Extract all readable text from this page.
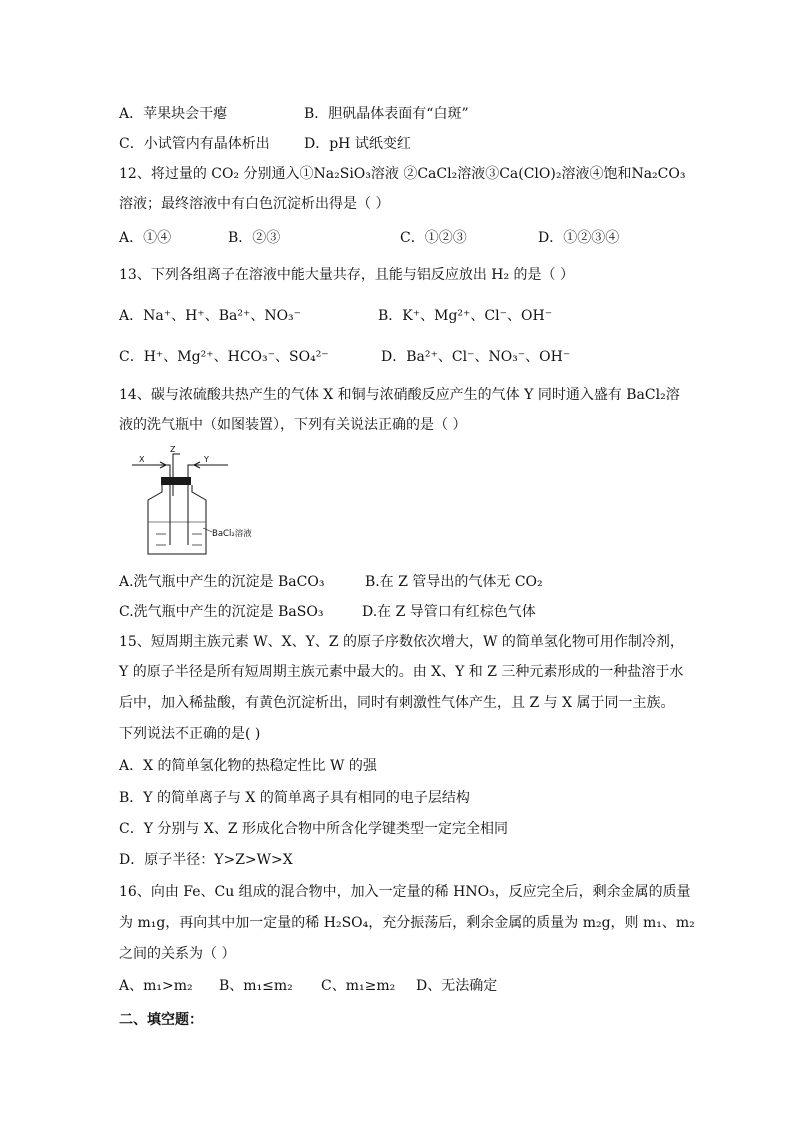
A．苹果块会干瘪	B．胆矾晶体表面有“白斑”
C．小试管内有晶体析出 D．pH 试纸变红
12、将过量的 CO₂ 分别通入①Na₂SiO₃溶液 ②CaCl₂溶液③Ca(ClO)₂溶液④饱和Na₂CO₃
溶液；最终溶液中有白色沉淀析出得是（ ）
A．①④	B．②③	C．①②③	D．①②③④
13、下列各组离子在溶液中能大量共存，且能与铝反应放出 H₂ 的是（ ）
A．Na⁺、H⁺、Ba²⁺、NO₃⁻	B．K⁺、Mg²⁺、Cl⁻、OH⁻
C．H⁺、Mg²⁺、HCO₃⁻、SO₄²⁻	D．Ba²⁺、Cl⁻、NO₃⁻、OH⁻
14、碳与浓硫酸共热产生的气体 X 和铜与浓硝酸反应产生的气体 Y 同时通入盛有 BaCl₂溶
液的洗气瓶中（如图装置），下列有关说法正确的是（ ）
X	Y
Z
BaCl₂溶液
A.洗气瓶中产生的沉淀是 BaCO₃	B.在 Z 管导出的气体无 CO₂
C.洗气瓶中产生的沉淀是 BaSO₃	D.在 Z 导管口有红棕色气体
15、短周期主族元素 W、X、Y、Z 的原子序数依次增大，W 的简单氢化物可用作制冷剂，
Y 的原子半径是所有短周期主族元素中最大的。由 X、Y 和 Z 三种元素形成的一种盐溶于水
后中，加入稀盐酸，有黄色沉淀析出，同时有刺激性气体产生，且 Z 与 X 属于同一主族。
下列说法不正确的是( )
A．X 的简单氢化物的热稳定性比 W 的强
B．Y 的简单离子与 X 的简单离子具有相同的电子层结构
C．Y 分别与 X、Z 形成化合物中所含化学键类型一定完全相同
D．原子半径：Y>Z>W>X
16、向由 Fe、Cu 组成的混合物中，加入一定量的稀 HNO₃，反应完全后，剩余金属的质量
为 m₁g，再向其中加一定量的稀 H₂SO₄，充分振荡后，剩余金属的质量为 m₂g，则 m₁、m₂
之间的关系为（ ）
A、m₁>m₂ B、m₁≤m₂ C、m₁≥m₂ D、无法确定
二、填空题：
